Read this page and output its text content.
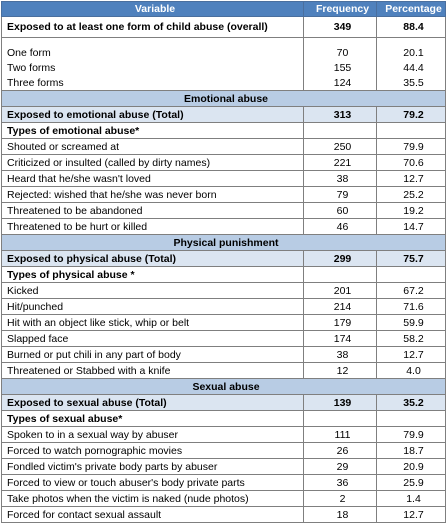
Variable	Frequency	Percentage
Exposed to at least one form of child abuse (overall)	349	88.4

One form	70	20.1
Two forms	155	44.4
Three forms	124	35.5
Emotional abuse		
Exposed to emotional abuse (Total)	313	79.2
Types of emotional abuse*		
Shouted or screamed at	250	79.9
Criticized or insulted (called by dirty names)	221	70.6
Heard that he/she wasn't loved	38	12.7
Rejected: wished that he/she was never born	79	25.2
Threatened to be abandoned	60	19.2
Threatened to be hurt or killed	46	14.7
Physical punishment		
Exposed to physical abuse (Total)	299	75.7
Types of physical abuse *		
Kicked	201	67.2
Hit/punched	214	71.6
Hit with an object like stick, whip or belt	179	59.9
Slapped face	174	58.2
Burned or put chili in any part of body	38	12.7
Threatened or Stabbed with a knife	12	4.0
Sexual abuse		
Exposed to sexual abuse (Total)	139	35.2
Types of sexual abuse*		
Spoken to in a sexual way by abuser	111	79.9
Forced to watch pornographic movies	26	18.7
Fondled victim's private body parts by abuser	29	20.9
Forced to view or touch abuser's body private parts	36	25.9
Take photos when the victim is naked (nude photos)	2	1.4
Forced for contact sexual assault	18	12.7
